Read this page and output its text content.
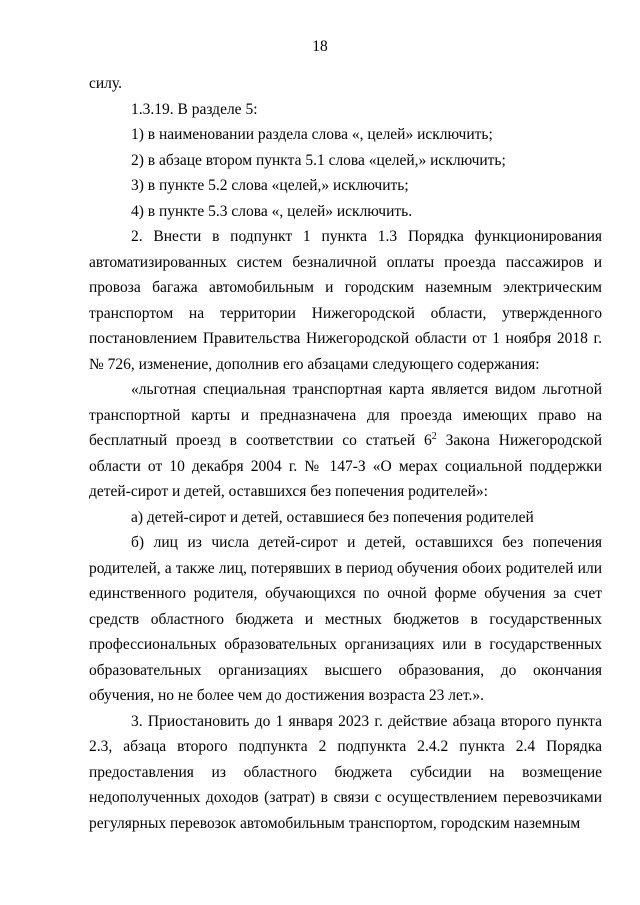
18

силу.

1.3.19. В разделе 5:

1) в наименовании раздела слова «, целей» исключить;

2) в абзаце втором пункта 5.1 слова «целей,» исключить;

3) в пункте 5.2 слова «целей,» исключить;

4) в пункте 5.3 слова «, целей» исключить.

2. Внести в подпункт 1 пункта 1.3 Порядка функционирования автоматизированных систем безналичной оплаты проезда пассажиров и провоза багажа автомобильным и городским наземным электрическим транспортом на территории Нижегородской области, утвержденного постановлением Правительства Нижегородской области от 1 ноября 2018 г. № 726, изменение, дополнив его абзацами следующего содержания:

«льготная специальная транспортная карта является видом льготной транспортной карты и предназначена для проезда имеющих право на бесплатный проезд в соответствии со статьей $6^2$ Закона Нижегородской области от 10 декабря 2004 г. № 147-З «О мерах социальной поддержки детей-сирот и детей, оставшихся без попечения родителей»:

а) детей-сирот и детей, оставшиеся без попечения родителей

б) лиц из числа детей-сирот и детей, оставшихся без попечения родителей, а также лиц, потерявших в период обучения обоих родителей или единственного родителя, обучающихся по очной форме обучения за счет средств областного бюджета и местных бюджетов в государственных профессиональных образовательных организациях или в государственных образовательных организациях высшего образования, до окончания обучения, но не более чем до достижения возраста 23 лет.».

3. Приостановить до 1 января 2023 г. действие абзаца второго пункта 2.3, абзаца второго подпункта 2 подпункта 2.4.2 пункта 2.4 Порядка предоставления из областного бюджета субсидии на возмещение недополученных доходов (затрат) в связи с осуществлением перевозчиками регулярных перевозок автомобильным транспортом, городским наземным
